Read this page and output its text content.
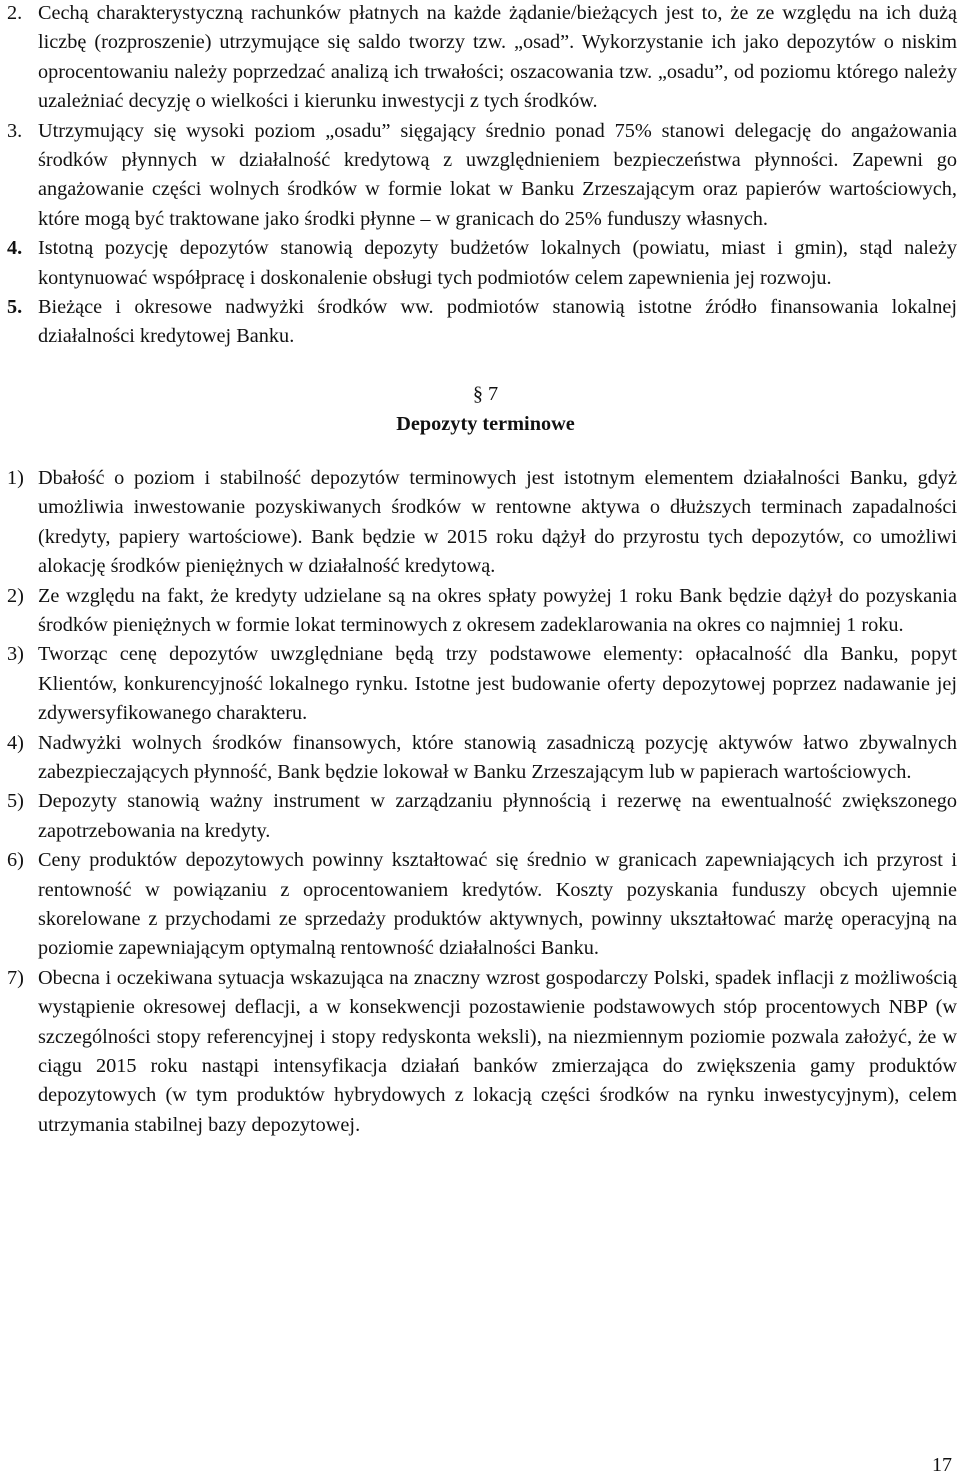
2. Cechą charakterystyczną rachunków płatnych na każde żądanie/bieżących jest to, że ze względu na ich dużą liczbę (rozproszenie) utrzymujące się saldo tworzy tzw. „osad”. Wykorzystanie ich jako depozytów o niskim oprocentowaniu należy poprzedzać analizą ich trwałości; oszacowania tzw. „osadu”, od poziomu którego należy uzależniać decyzję o wielkości i kierunku inwestycji z tych środków.
3. Utrzymujący się wysoki poziom „osadu” sięgający średnio ponad 75% stanowi delegację do angażowania środków płynnych w działalność kredytową z uwzględnieniem bezpieczeństwa płynności. Zapewni go angażowanie części wolnych środków w formie lokat w Banku Zrzeszającym oraz papierów wartościowych, które mogą być traktowane jako środki płynne – w granicach do 25% funduszy własnych.
4. Istotną pozycję depozytów stanowią depozyty budżetów lokalnych (powiatu, miast i gmin), stąd należy kontynuować współpracę i doskonalenie obsługi tych podmiotów celem zapewnienia jej rozwoju.
5. Bieżące i okresowe nadwyżki środków ww. podmiotów stanowią istotne źródło finansowania lokalnej działalności kredytowej Banku.
§ 7
Depozyty terminowe
1) Dbałość o poziom i stabilność depozytów terminowych jest istotnym elementem działalności Banku, gdyż umożliwia inwestowanie pozyskiwanych środków w rentowne aktywa o dłuższych terminach zapadalności (kredyty, papiery wartościowe). Bank będzie w 2015 roku dążył do przyrostu tych depozytów, co umożliwi alokację środków pieniężnych w działalność kredytową.
2) Ze względu na fakt, że kredyty udzielane są na okres spłaty powyżej 1 roku Bank będzie dążył do pozyskania środków pieniężnych w formie lokat terminowych z okresem zadeklarowania na okres co najmniej 1 roku.
3) Tworząc cenę depozytów uwzględniane będą trzy podstawowe elementy: opłacalność dla Banku, popyt Klientów, konkurencyjność lokalnego rynku. Istotne jest budowanie oferty depozytowej poprzez nadawanie jej zdywersyfikowanego charakteru.
4) Nadwyżki wolnych środków finansowych, które stanowią zasadniczą pozycję aktywów łatwo zbywalnych zabezpieczających płynność, Bank będzie lokował w Banku Zrzeszającym lub w papierach wartościowych.
5) Depozyty stanowią ważny instrument w zarządzaniu płynnością i rezerwę na ewentualność zwiększonego zapotrzebowania na kredyty.
6) Ceny produktów depozytowych powinny kształtować się średnio w granicach zapewniających ich przyrost i rentowność w powiązaniu z oprocentowaniem kredytów. Koszty pozyskania funduszy obcych ujemnie skorelowane z przychodami ze sprzedaży produktów aktywnych, powinny ukształtować marżę operacyjną na poziomie zapewniającym optymalną rentowność działalności Banku.
7) Obecna i oczekiwana sytuacja wskazująca na znaczny wzrost gospodarczy Polski, spadek inflacji z możliwością wystąpienie okresowej deflacji, a w konsekwencji pozostawienie podstawowych stóp procentowych NBP (w szczególności stopy referencyjnej i stopy redyskonta weksli), na niezmiennym poziomie pozwala założyć, że w ciągu 2015 roku nastąpi intensyfikacja działań banków zmierzająca do zwiększenia gamy produktów depozytowych (w tym produktów hybrydowych z lokacją części środków na rynku inwestycyjnym), celem utrzymania stabilnej bazy depozytowej.
17
